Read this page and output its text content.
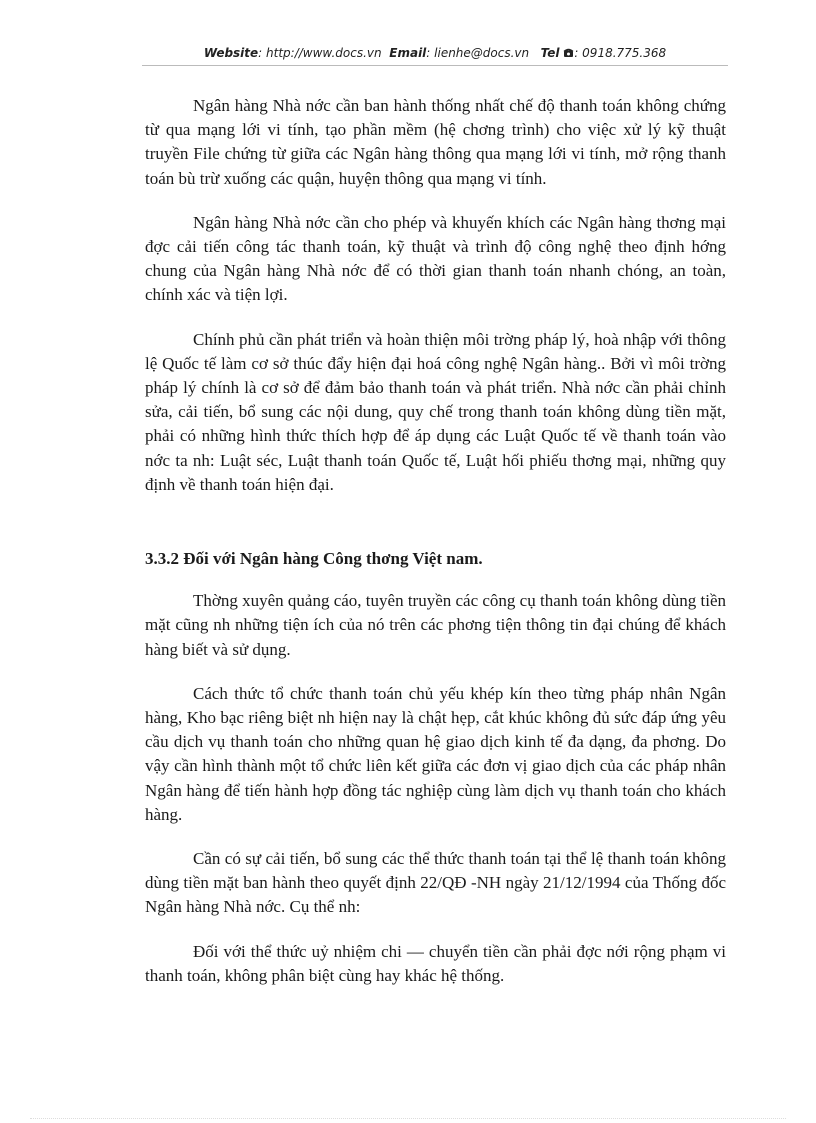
Website: http://www.docs.vn Email: lienhe@docs.vn Tel : 0918.775.368

Ngân hàng Nhà nớc cần ban hành thống nhất chế độ thanh toán không chứng từ qua mạng lới vi tính, tạo phần mềm (hệ chơng trình) cho việc xử lý kỹ thuật truyền File chứng từ giữa các Ngân hàng thông qua mạng lới vi tính, mở rộng thanh toán bù trừ xuống các quận, huyện thông qua mạng vi tính.

Ngân hàng Nhà nớc cần cho phép và khuyến khích các Ngân hàng thơng mại đợc cải tiến công tác thanh toán, kỹ thuật và trình độ công nghệ theo định hớng chung của Ngân hàng Nhà nớc để có thời gian thanh toán nhanh chóng, an toàn, chính xác và tiện lợi.

Chính phủ cần phát triển và hoàn thiện môi trờng pháp lý, hoà nhập với thông lệ Quốc tế làm cơ sở thúc đẩy hiện đại hoá công nghệ Ngân hàng.. Bởi vì môi trờng pháp lý chính là cơ sở để đảm bảo thanh toán và phát triển. Nhà nớc cần phải chỉnh sửa, cải tiến, bổ sung các nội dung, quy chế trong thanh toán không dùng tiền mặt, phải có những hình thức thích hợp để áp dụng các Luật Quốc tế về thanh toán vào nớc ta nh: Luật séc, Luật thanh toán Quốc tế, Luật hối phiếu thơng mại, những quy định về thanh toán hiện đại.

3.3.2 Đối với Ngân hàng Công thơng Việt nam.

Thờng xuyên quảng cáo, tuyên truyền các công cụ thanh toán không dùng tiền mặt cũng nh những tiện ích của nó trên các phơng tiện thông tin đại chúng để khách hàng biết và sử dụng.

Cách thức tổ chức thanh toán chủ yếu khép kín theo từng pháp nhân Ngân hàng, Kho bạc riêng biệt nh hiện nay là chật hẹp, cắt khúc không đủ sức đáp ứng yêu cầu dịch vụ thanh toán cho những quan hệ giao dịch kinh tế đa dạng, đa phơng. Do vậy cần hình thành một tổ chức liên kết giữa các đơn vị giao dịch của các pháp nhân Ngân hàng để tiến hành hợp đồng tác nghiệp cùng làm dịch vụ thanh toán cho khách hàng.

Cần có sự cải tiến, bổ sung các thể thức thanh toán tại thể lệ thanh toán không dùng tiền mặt ban hành theo quyết định 22/QĐ -NH ngày 21/12/1994 của Thống đốc Ngân hàng Nhà nớc. Cụ thể nh:

Đối với thể thức uỷ nhiệm chi — chuyển tiền cần phải đợc nới rộng phạm vi thanh toán, không phân biệt cùng hay khác hệ thống.
